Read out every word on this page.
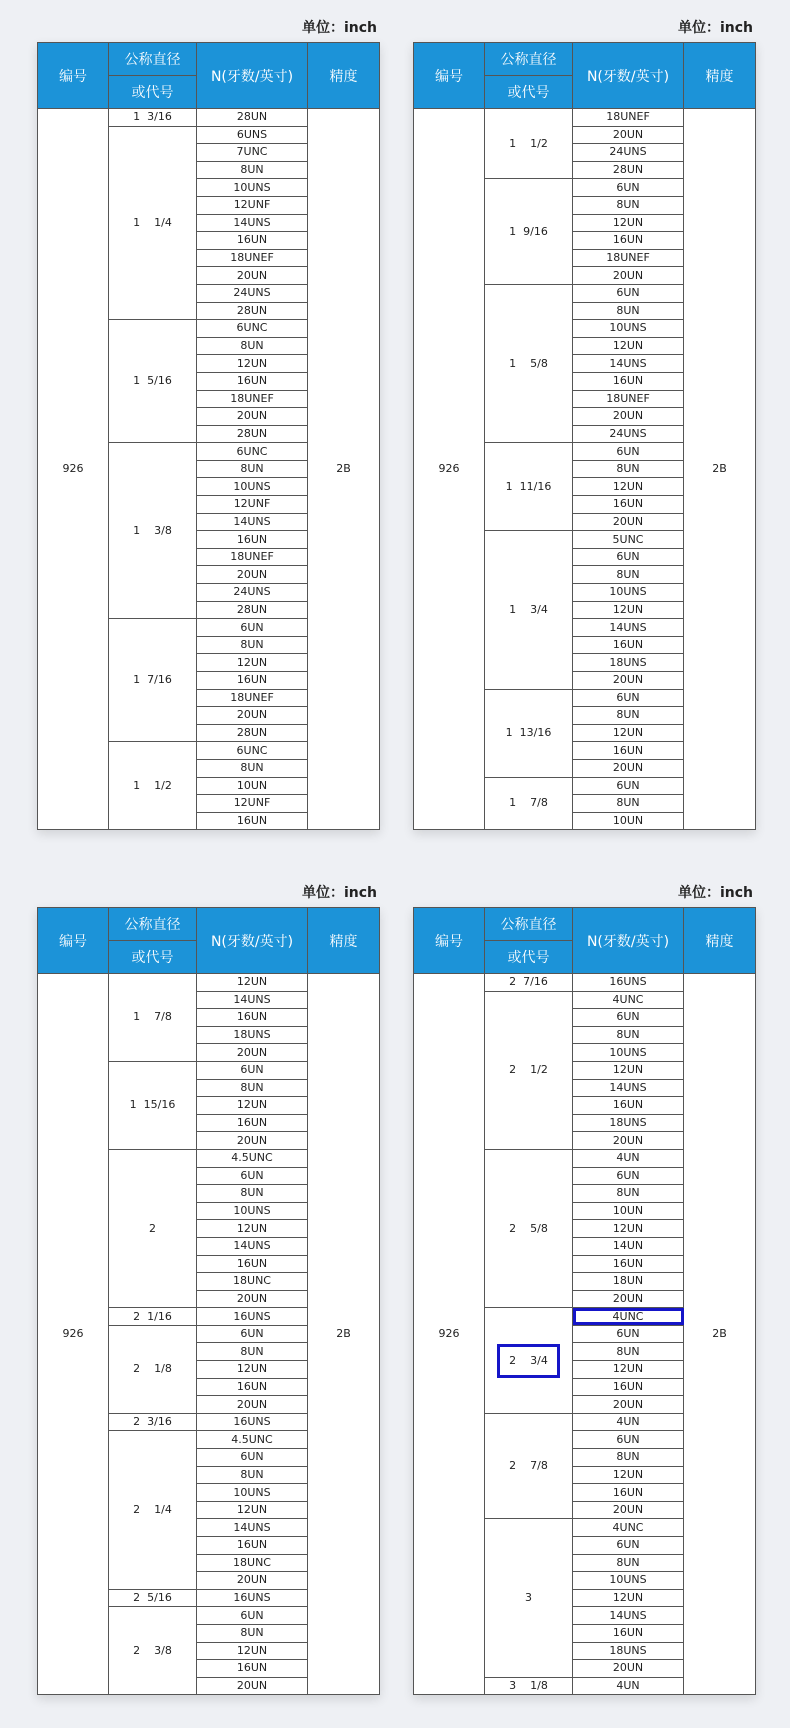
单位：inch
编号	公称直径	N(牙数/英寸)	精度
	或代号		
926	1  3/16	28UN	2B
	1    1/4	6UNS	
		7UNC	
		8UN	
		10UNS	
		12UNF	
		14UNS	
		16UN	
		18UNEF	
		20UN	
		24UNS	
		28UN	
	1  5/16	6UNC	
		8UN	
		12UN	
		16UN	
		18UNEF	
		20UN	
		28UN	
	1    3/8	6UNC	
		8UN	
		10UNS	
		12UNF	
		14UNS	
		16UN	
		18UNEF	
		20UN	
		24UNS	
		28UN	
	1  7/16	6UN	
		8UN	
		12UN	
		16UN	
		18UNEF	
		20UN	
		28UN	
	1    1/2	6UNC	
		8UN	
		10UN	
		12UNF	
		16UN	
单位：inch
编号	公称直径	N(牙数/英寸)	精度
	或代号		
926	1    1/2	18UNEF	2B
		20UN	
		24UNS	
		28UN	
	1  9/16	6UN	
		8UN	
		12UN	
		16UN	
		18UNEF	
		20UN	
	1    5/8	6UN	
		8UN	
		10UNS	
		12UN	
		14UNS	
		16UN	
		18UNEF	
		20UN	
		24UNS	
	1  11/16	6UN	
		8UN	
		12UN	
		16UN	
		20UN	
	1    3/4	5UNC	
		6UN	
		8UN	
		10UNS	
		12UN	
		14UNS	
		16UN	
		18UNS	
		20UN	
	1  13/16	6UN	
		8UN	
		12UN	
		16UN	
		20UN	
	1    7/8	6UN	
		8UN	
		10UN	
单位：inch
编号	公称直径	N(牙数/英寸)	精度
	或代号		
926	1    7/8	12UN	2B
		14UNS	
		16UN	
		18UNS	
		20UN	
	1  15/16	6UN	
		8UN	
		12UN	
		16UN	
		20UN	
	2	4.5UNC	
		6UN	
		8UN	
		10UNS	
		12UN	
		14UNS	
		16UN	
		18UNC	
		20UN	
	2  1/16	16UNS	
	2    1/8	6UN	
		8UN	
		12UN	
		16UN	
		20UN	
	2  3/16	16UNS	
	2    1/4	4.5UNC	
		6UN	
		8UN	
		10UNS	
		12UN	
		14UNS	
		16UN	
		18UNC	
		20UN	
	2  5/16	16UNS	
	2    3/8	6UN	
		8UN	
		12UN	
		16UN	
		20UN	
单位：inch
编号	公称直径	N(牙数/英寸)	精度
	或代号		
926	2  7/16	16UNS	2B
	2    1/2	4UNC	
		6UN	
		8UN	
		10UNS	
		12UN	
		14UNS	
		16UN	
		18UNS	
		20UN	
	2    5/8	4UN	
		6UN	
		8UN	
		10UN	
		12UN	
		14UN	
		16UN	
		18UN	
		20UN	
	2    3/4	4UNC	
		6UN	
		8UN	
		12UN	
		16UN	
		20UN	
	2    7/8	4UN	
		6UN	
		8UN	
		12UN	
		16UN	
		20UN	
	3	4UNC	
		6UN	
		8UN	
		10UNS	
		12UN	
		14UNS	
		16UN	
		18UNS	
		20UN	
	3    1/8	4UN	
